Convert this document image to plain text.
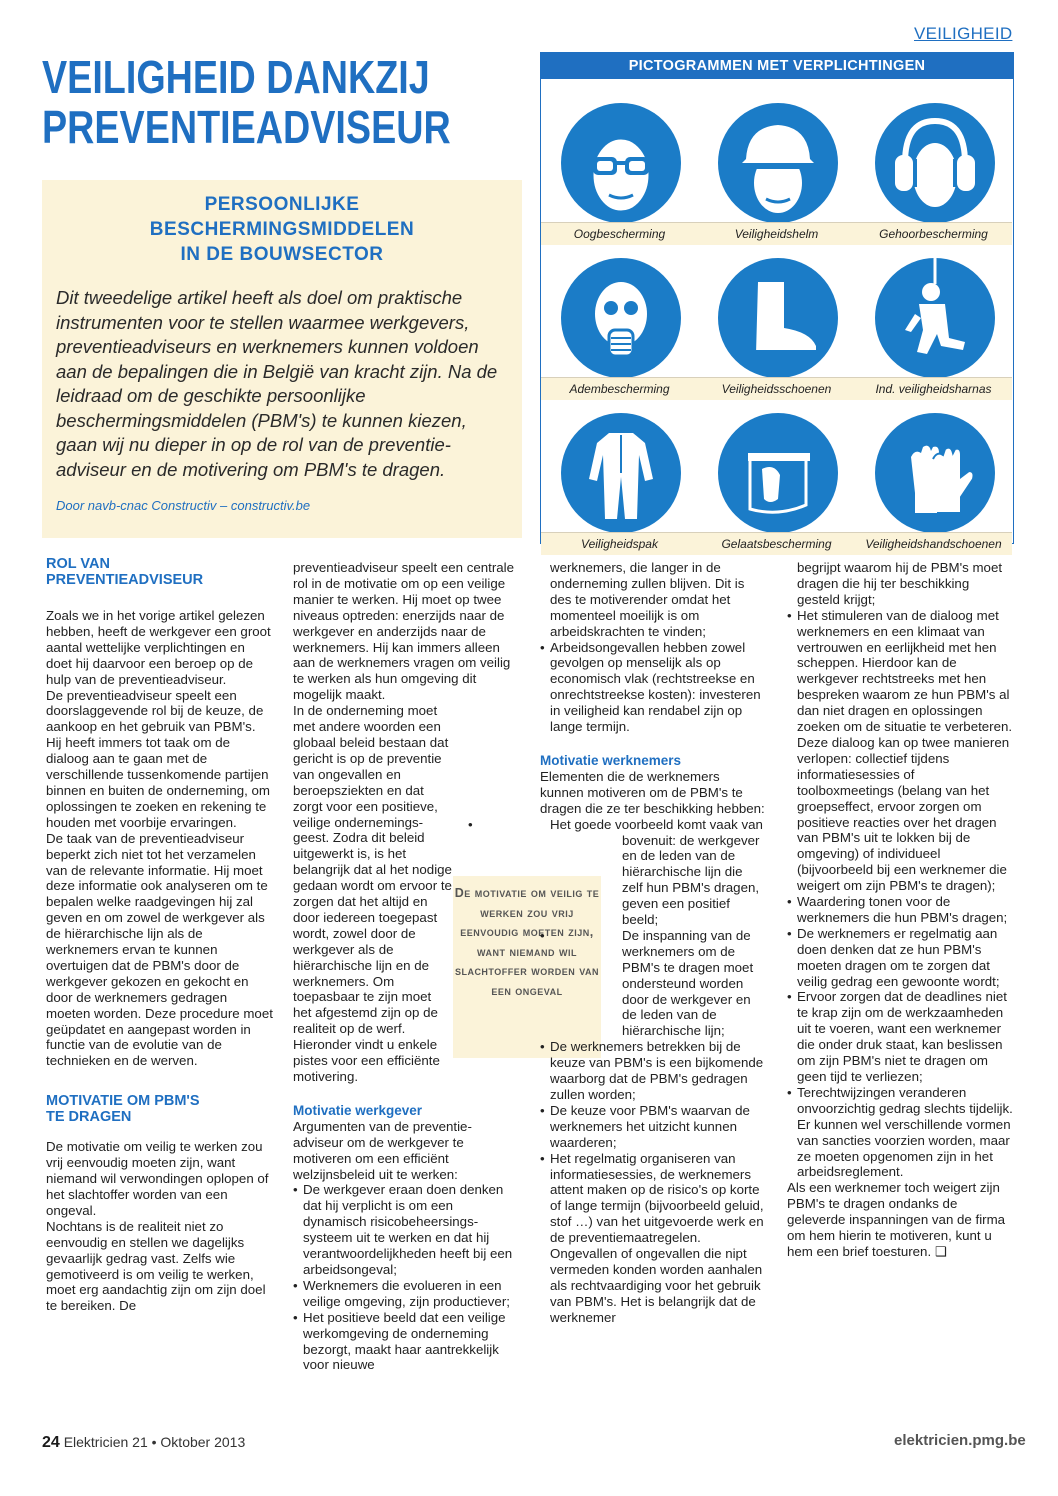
VEILIGHEID
VEILIGHEID DANKZIJ
PREVENTIEADVISEUR
PERSOONLIJKE
BESCHERMINGSMIDDELEN
IN DE BOUWSECTOR
Dit tweedelige artikel heeft als doel om praktische instrumenten voor te stellen waarmee werkgevers, preventieadviseurs en werknemers kunnen voldoen aan de bepalingen die in België van kracht zijn. Na de leidraad om de geschikte persoonlijke beschermingsmiddelen (PBM's) te kunnen kiezen, gaan wij nu dieper in op de rol van de preventie-adviseur en de motivering om PBM's te dragen.
Door navb-cnac Constructiv – constructiv.be
PICTOGRAMMEN MET VERPLICHTINGEN
Oogbescherming	Veiligheidshelm	Gehoorbescherming
Adembescherming	Veiligheidsschoenen	Ind. veiligheidsharnas
Veiligheidspak	Gelaatsbescherming	Veiligheidshandschoenen

ROL VAN PREVENTIEADVISEUR

Zoals we in het vorige artikel gelezen hebben, heeft de werkgever een groot aantal wettelijke verplichtingen en doet hij daarvoor een beroep op de hulp van de preventieadviseur.

De preventieadviseur speelt een doorslaggevende rol bij de keuze, de aankoop en het gebruik van PBM's. Hij heeft immers tot taak om de dialoog aan te gaan met de verschillende tussenkomende partijen binnen en buiten de onderneming, om oplossingen te zoeken en rekening te houden met voorbije ervaringen.

De taak van de preventieadviseur beperkt zich niet tot het verzamelen van de relevante informatie. Hij moet deze informatie ook analyseren om te bepalen welke raadgevingen hij zal geven en om zowel de werkgever als de hiërarchische lijn als de werknemers ervan te kunnen overtuigen dat de PBM's door de werkgever gekozen en gekocht en door de werknemers gedragen moeten worden. Deze procedure moet geüpdatet en aangepast worden in functie van de evolutie van de technieken en de werven.

MOTIVATIE OM PBM'S TE DRAGEN

De motivatie om veilig te werken zou vrij eenvoudig moeten zijn, want niemand wil verwondingen oplopen of het slachtoffer worden van een ongeval.

Nochtans is de realiteit niet zo eenvoudig en stellen we dagelijks gevaarlijk gedrag vast. Zelfs wie gemotiveerd is om veilig te werken, moet erg aandachtig zijn om zijn doel te bereiken. De

preventieadviseur speelt een centrale rol in de motivatie om op een veilige manier te werken. Hij moet op twee niveaus optreden: enerzijds naar de werkgever en anderzijds naar de werknemers. Hij kan immers alleen aan de werknemers vragen om veilig te werken als hun omgeving dit mogelijk maakt.

In de onderneming moet met andere woorden een globaal beleid bestaan dat gericht is op de preventie van ongevallen en beroepsziekten en dat zorgt voor een positieve, veilige ondernemings-geest. Zodra dit beleid uitgewerkt is, is het belangrijk dat al het nodige gedaan wordt om ervoor te zorgen dat het altijd en door iedereen toegepast wordt, zowel door de werkgever als de hiërarchische lijn en de werknemers. Om toepasbaar te zijn moet het afgestemd zijn op de realiteit op de werf. Hieronder vindt u enkele pistes voor een efficiënte motivering.

Motivatie werkgever

Argumenten van de preventie-adviseur om de werkgever te motiveren om een efficiënt welzijnsbeleid uit te werken:

• De werkgever eraan doen denken dat hij verplicht is om een dynamisch risicobeheersings-systeem uit te werken en dat hij verantwoordelijkheden heeft bij een arbeidsongeval;
• Werknemers die evolueren in een veilige omgeving, zijn productiever;
• Het positieve beeld dat een veilige werkomgeving de onderneming bezorgt, maakt haar aantrekkelijk voor nieuwe
De motivatie om veilig te werken zou vrij eenvoudig moeten zijn, want niemand wil slachtoffer worden van een ongeval

werknemers, die langer in de onderneming zullen blijven. Dit is des te motiverender omdat het momenteel moeilijk is om arbeidskrachten te vinden;

• Arbeidsongevallen hebben zowel gevolgen op menselijk als op economisch vlak (rechtstreekse en onrechtstreekse kosten): investeren in veiligheid kan rendabel zijn op lange termijn.

Motivatie werknemers

Elementen die de werknemers kunnen motiveren om de PBM's te dragen die ze ter beschikking hebben:

• Het goede voorbeeld komt vaak van bovenuit: de werkgever en de leden van de hiërarchische lijn die zelf hun PBM's dragen, geven een positief beeld;
• De inspanning van de werknemers om de PBM's te dragen moet ondersteund worden door de werkgever en de leden van de hiërarchische lijn;
• De werknemers betrekken bij de keuze van PBM's is een bijkomende waarborg dat de PBM's gedragen zullen worden;
• De keuze voor PBM's waarvan de werknemers het uitzicht kunnen waarderen;
• Het regelmatig organiseren van informatiesessies, de werknemers attent maken op de risico's op korte of lange termijn (bijvoorbeeld geluid, stof …) van het uitgevoerde werk en de preventiemaatregelen. Ongevallen of ongevallen die nipt vermeden konden worden aanhalen als rechtvaardiging voor het gebruik van PBM's. Het is belangrijk dat de werknemer

begrijpt waarom hij de PBM's moet dragen die hij ter beschikking gesteld krijgt;

• Het stimuleren van de dialoog met werknemers en een klimaat van vertrouwen en eerlijkheid met hen scheppen. Hierdoor kan de werkgever rechtstreeks met hen bespreken waarom ze hun PBM's al dan niet dragen en oplossingen zoeken om de situatie te verbeteren. Deze dialoog kan op twee manieren verlopen: collectief tijdens informatiesessies of toolboxmeetings (belang van het groepseffect, ervoor zorgen om positieve reacties over het dragen van PBM's uit te lokken bij de omgeving) of individueel (bijvoorbeeld bij een werknemer die weigert om zijn PBM's te dragen);
• Waardering tonen voor de werknemers die hun PBM's dragen;
• De werknemers er regelmatig aan doen denken dat ze hun PBM's moeten dragen om te zorgen dat veilig gedrag een gewoonte wordt;
• Ervoor zorgen dat de deadlines niet te krap zijn om de werkzaamheden uit te voeren, want een werknemer die onder druk staat, kan beslissen om zijn PBM's niet te dragen om geen tijd te verliezen;
• Terechtwijzingen veranderen onvoorzichtig gedrag slechts tijdelijk. Er kunnen wel verschillende vormen van sancties voorzien worden, maar ze moeten opgenomen zijn in het arbeidsreglement.

Als een werknemer toch weigert zijn PBM's te dragen ondanks de geleverde inspanningen van de firma om hem hierin te motiveren, kunt u hem een brief toesturen. ❑

24 Elektricien 21 • Oktober 2013	elektricien.pmg.be
